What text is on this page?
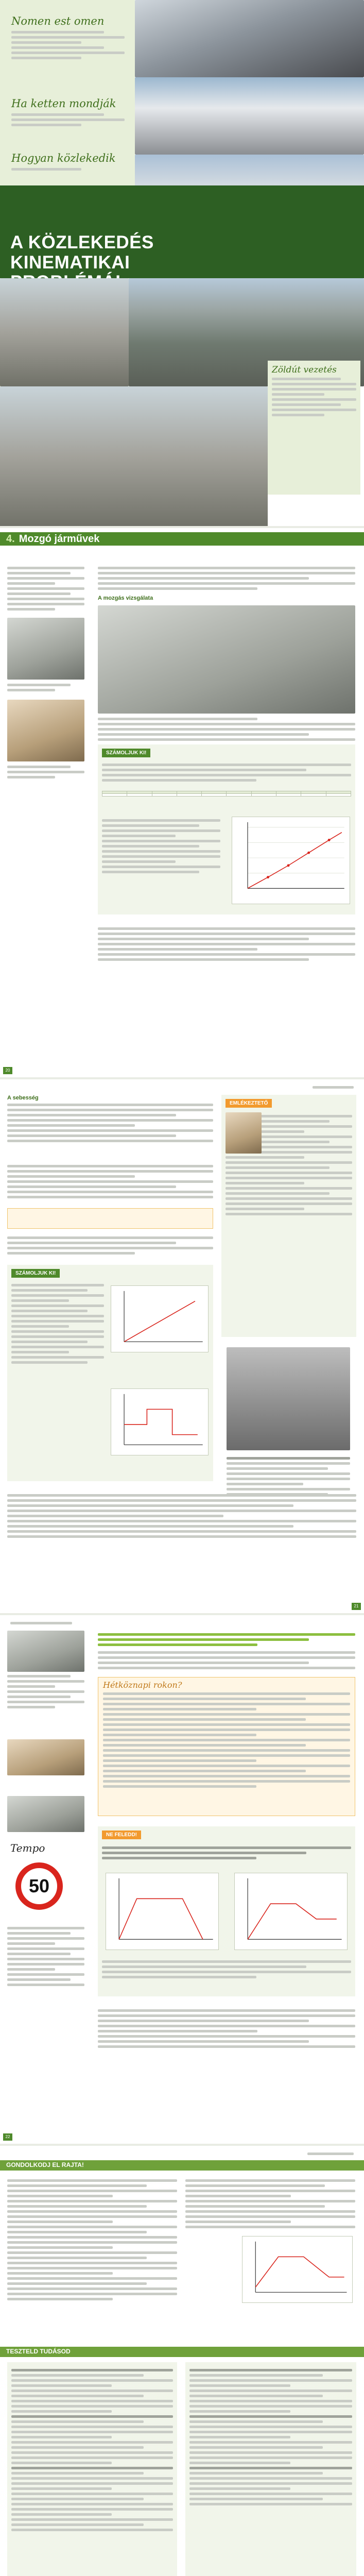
Nomen est omen
Ha ketten mondják
Hogyan közlekedik
A KÖZLEKEDÉS KINEMATIKAI
Zöldút vezetés
4. Mozgó járművek
A mozgás vizsgálata
SZÁMOLJUK KI!

20
A sebesség
SZÁMOLJUK KI!
EMLÉKEZTETŐ
21
Tempo
50
Hétköznapi rokon?
NE FELEDD!
22
GONDOLKODJ EL RAJTA!
TESZTELD TUDÁSOD
